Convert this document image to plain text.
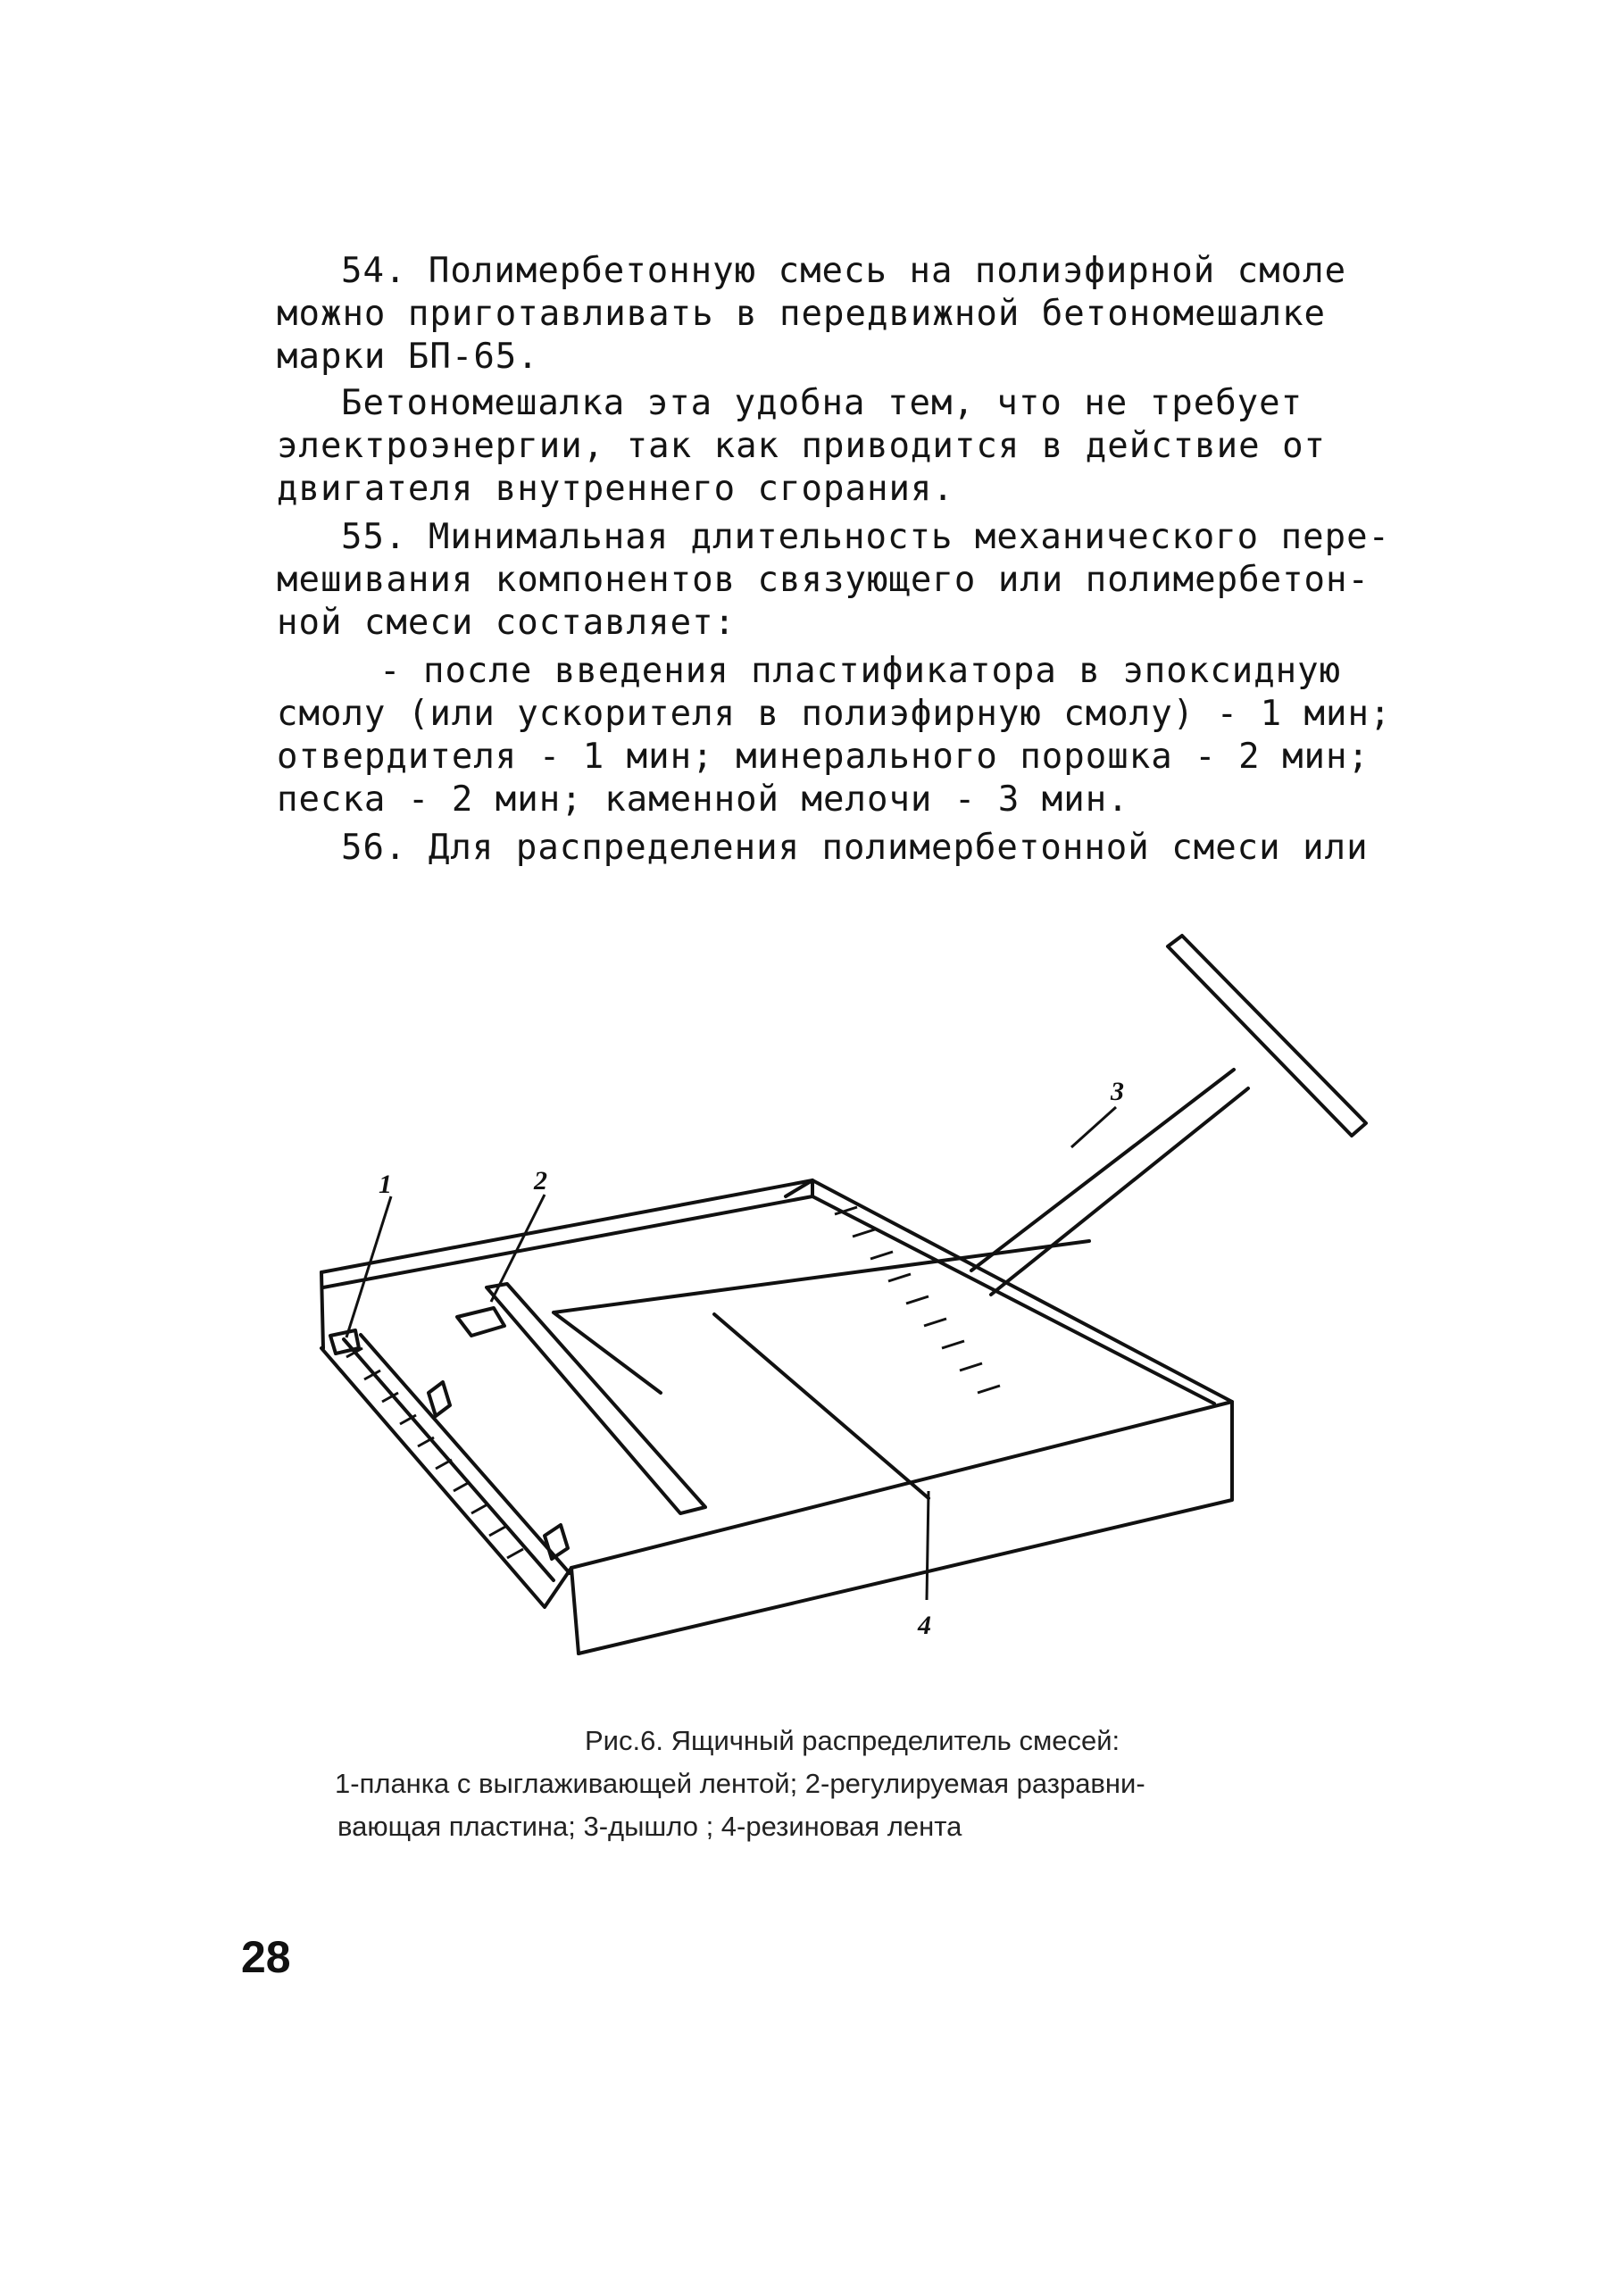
54. Полимербетонную смесь на полиэфирной смоле
можно приготавливать в передвижной бетономешалке
марки БП-65.
Бетономешалка эта удобна тем, что не требует
электроэнергии, так как приводится в действие от
двигателя внутреннего сгорания.
55. Минимальная длительность механического пере-
мешивания компонентов связующего или полимербетон-
ной смеси составляет:
- после введения пластификатора в эпоксидную
смолу (или ускорителя в полиэфирную смолу) - 1 мин;
отвердителя - 1 мин; минерального порошка - 2 мин;
песка - 2 мин; каменной мелочи - 3 мин.
56. Для распределения полимербетонной смеси или
1	2
3
4
Рис.6. Ящичный распределитель смесей:
1-планка с выглаживающей лентой; 2-регулируемая разравни-
вающая пластина; 3-дышло ; 4-резиновая лента
28
